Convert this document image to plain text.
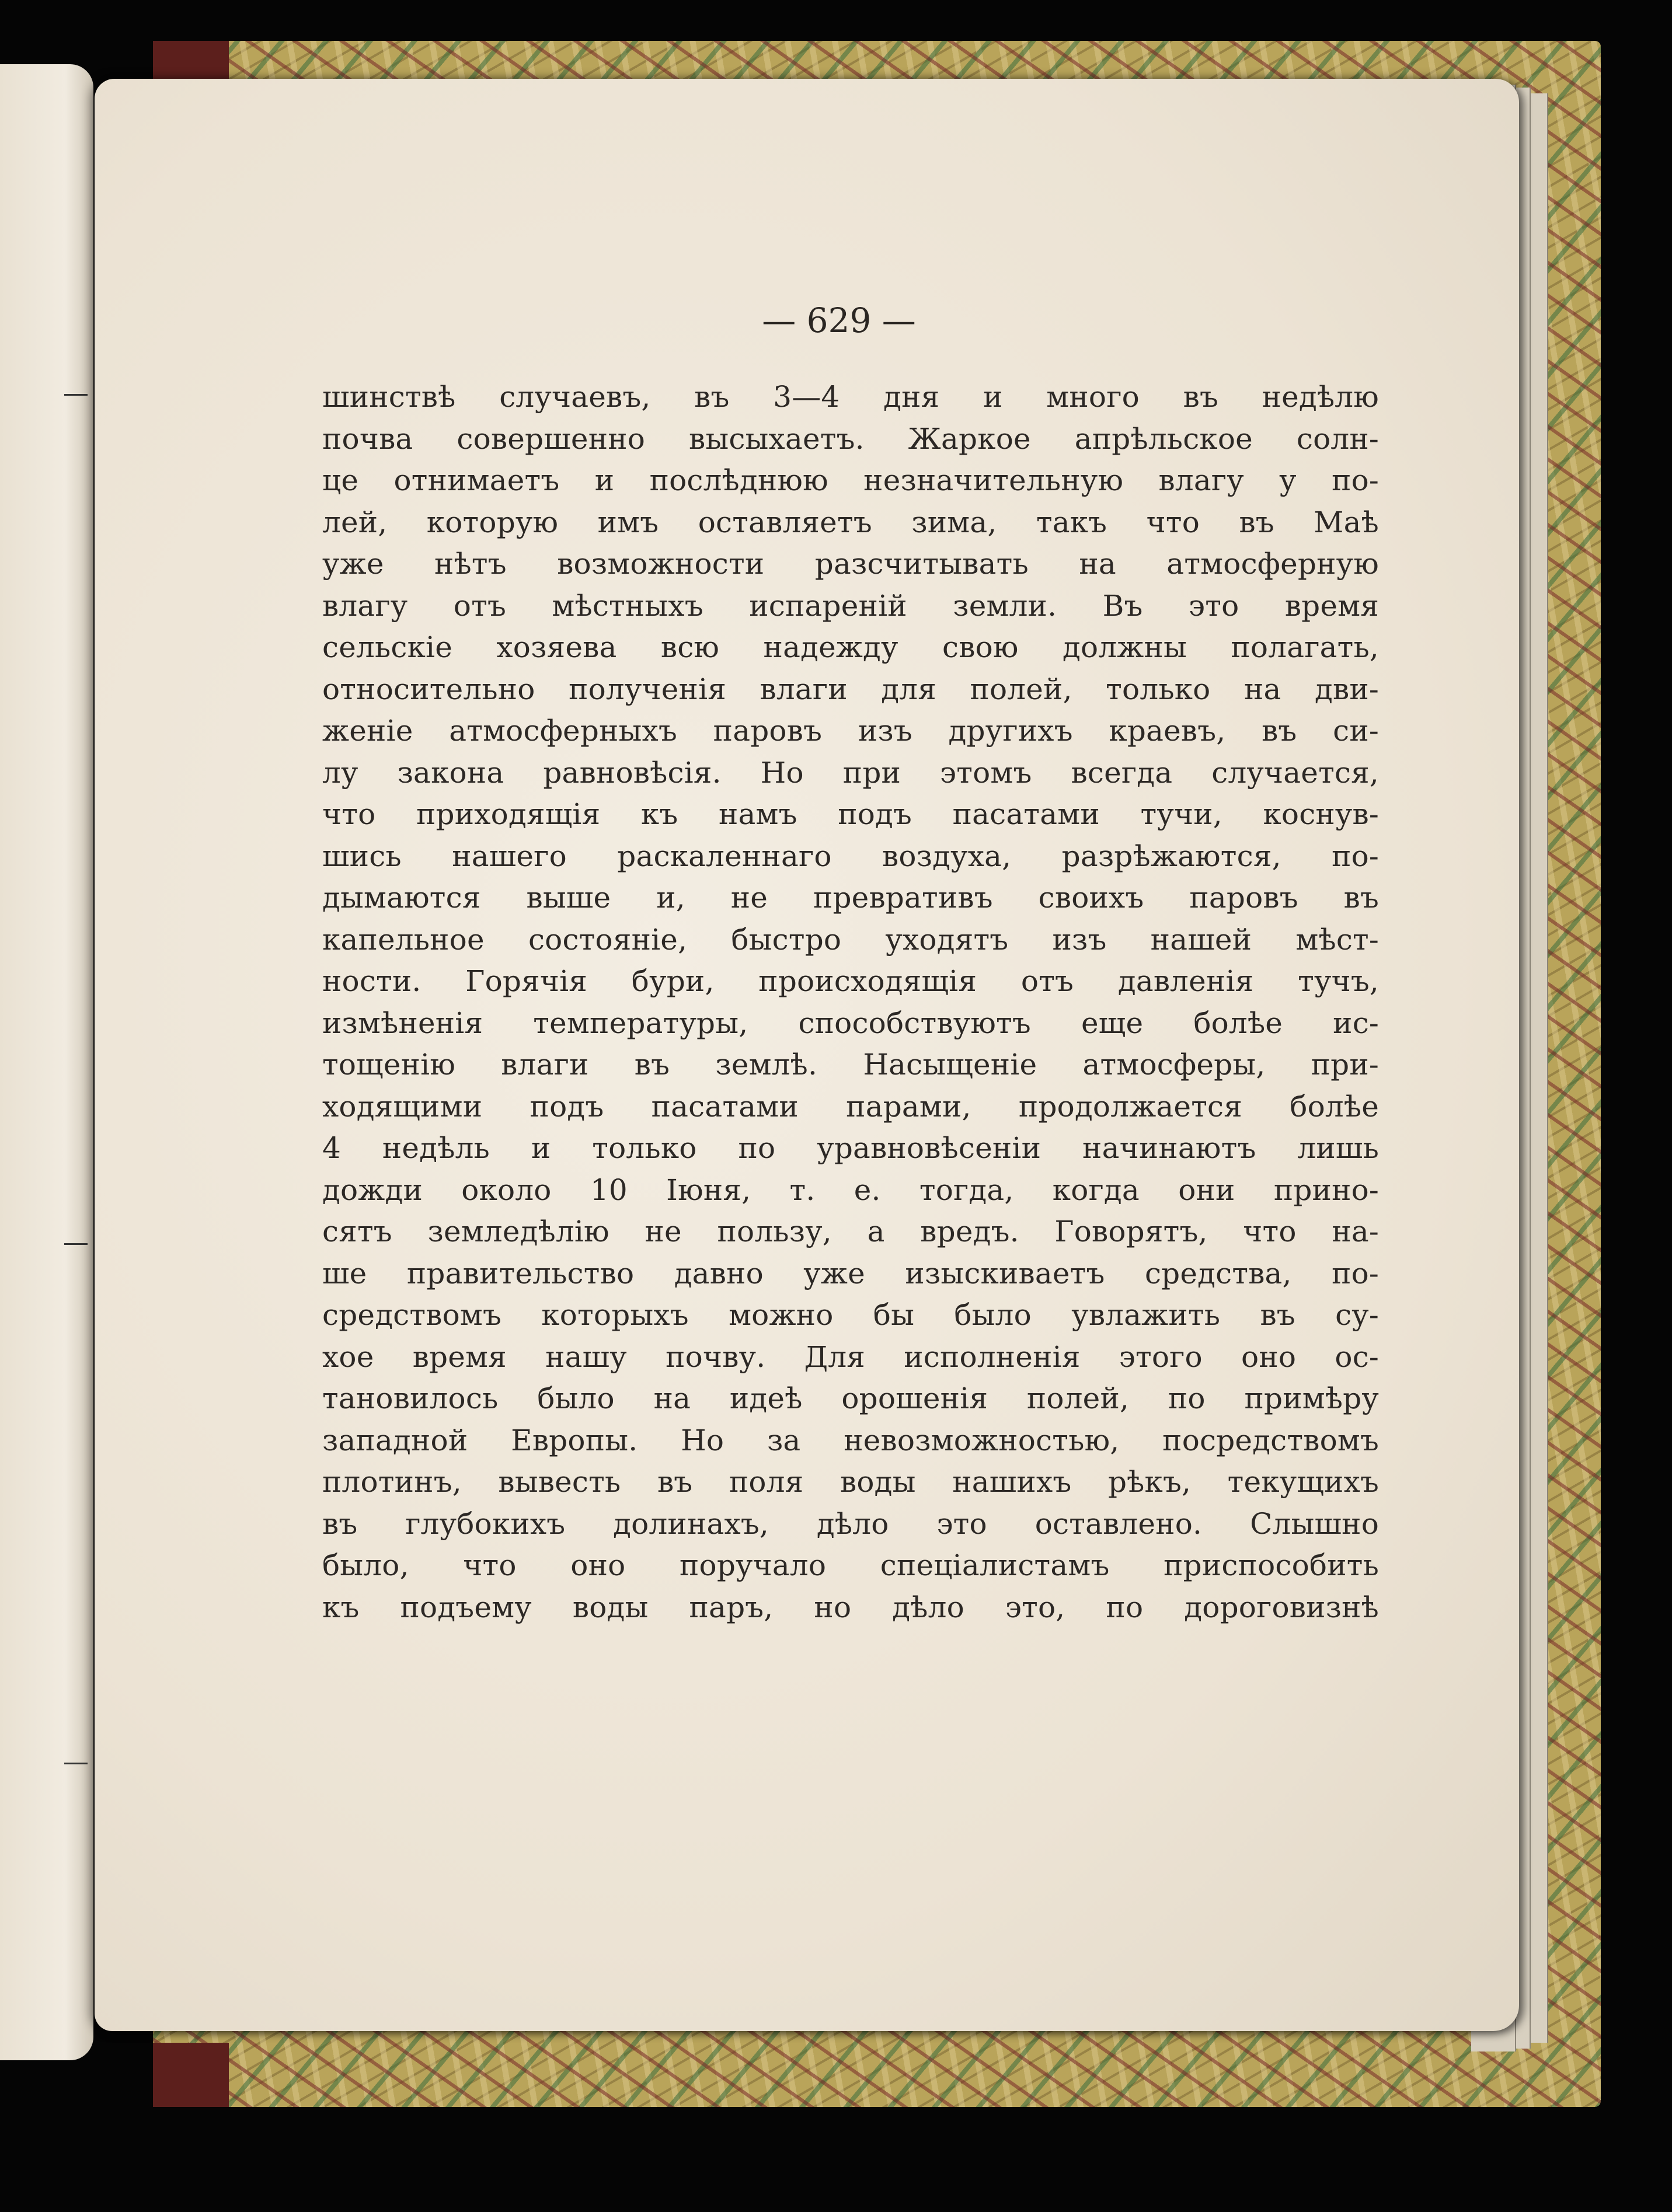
— 629 —
шинствѣ случаевъ, въ 3—4 дня и много въ недѣлю
почва совершенно высыхаетъ. Жаркое апрѣльское солн-
це отнимаетъ и послѣднюю незначительную влагу у по-
лей, которую имъ оставляетъ зима, такъ что въ Маѣ
уже нѣтъ возможности разсчитывать на атмосферную
влагу отъ мѣстныхъ испареній земли. Въ это время
сельскіе хозяева всю надежду свою должны полагать,
относительно полученія влаги для полей, только на дви-
женіе атмосферныхъ паровъ изъ другихъ краевъ, въ си-
лу закона равновѣсія. Но при этомъ всегда случается,
что приходящія къ намъ подъ пасатами тучи, коснув-
шись нашего раскаленнаго воздуха, разрѣжаются, по-
дымаются выше и, не превративъ своихъ паровъ въ
капельное состояніе, быстро уходятъ изъ нашей мѣст-
ности. Горячія бури, происходящія отъ давленія тучъ,
измѣненія температуры, способствуютъ еще болѣе ис-
тощенію влаги въ землѣ. Насыщеніе атмосферы, при-
ходящими подъ пасатами парами, продолжается болѣе
4 недѣль и только по уравновѣсеніи начинаютъ лишь
дожди около 10 Іюня, т. е. тогда, когда они прино-
сятъ земледѣлію не пользу, а вредъ. Говорятъ, что на-
ше правительство давно уже изыскиваетъ средства, по-
средствомъ которыхъ можно бы было увлажить въ су-
хое время нашу почву. Для исполненія этого оно ос-
тановилось было на идеѣ орошенія полей, по примѣру
западной Европы. Но за невозможностью, посредствомъ
плотинъ, вывесть въ поля воды нашихъ рѣкъ, текущихъ
въ глубокихъ долинахъ, дѣло это оставлено. Слышно
было, что оно поручало спеціалистамъ приспособить
къ подъему воды паръ, но дѣло это, по дороговизнѣ
